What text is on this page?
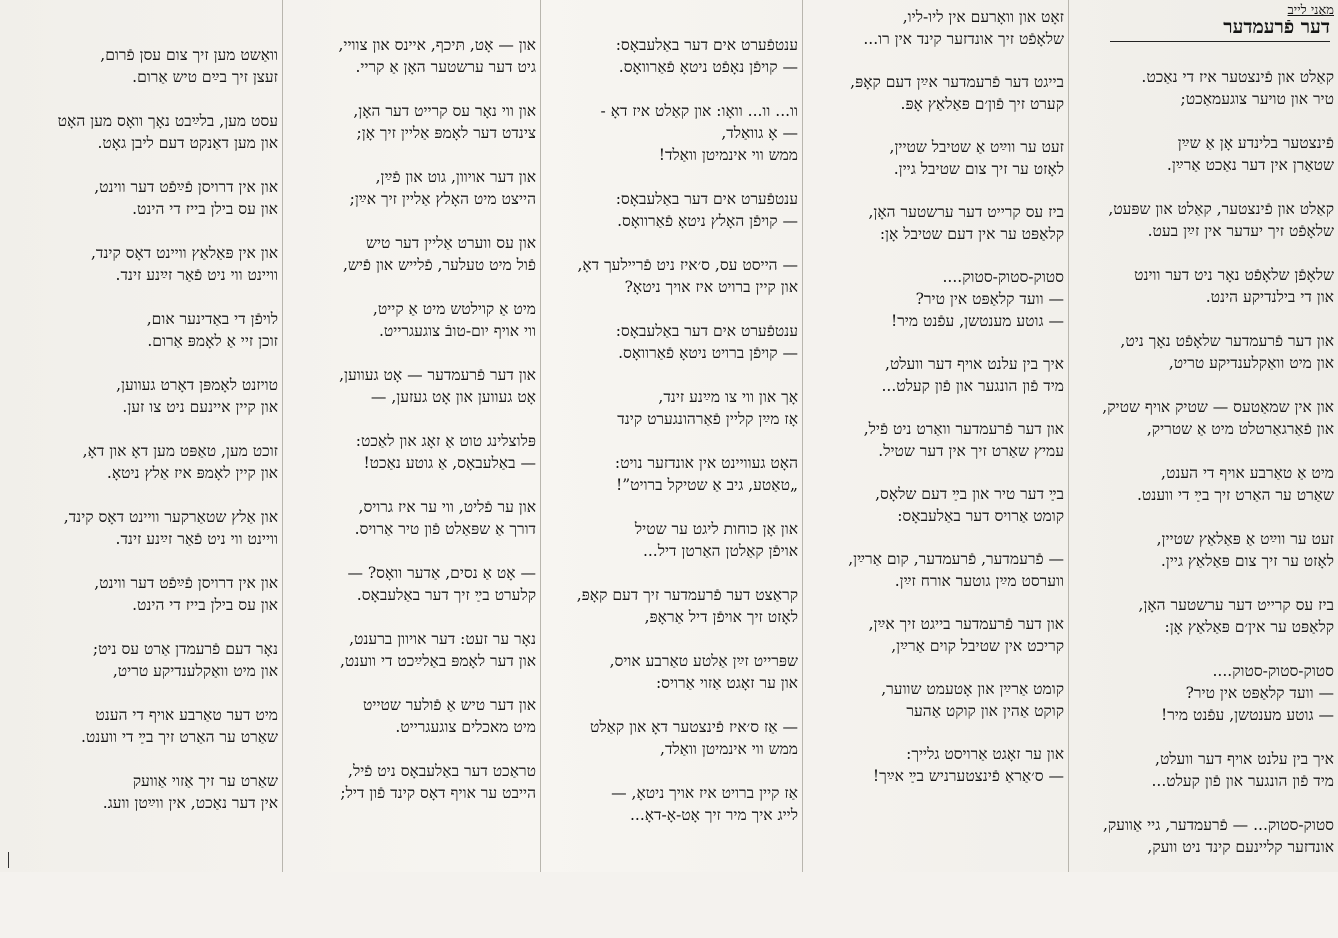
מאַני לייב
דער פֿרעמדער
קאַלט און פֿינצטער איז די נאַכט.
טיר און טויער צוגעמאַכט;
פֿינצטער בלינדע אָן אַ שײַן
שטאַרן אין דער נאַכט אַרײַן.
קאַלט און פֿינצטער, קאַלט און שפּעט,
שלאָפֿט זיך יעדער אין זײַן בעט.
שלאָפֿן שלאָפֿט נאָר ניט דער ווינט
און די בילנדיקע הינט.
און דער פֿרעמדער שלאָפֿט נאָך ניט,
און מיט וואַקלענדיקע טריט,
און אין שמאַטעס — שטיק אויף שטיק,
און פֿאַרגאַרטלט מיט אַ שטריק,
מיט אַ טאַרבע אויף די הענט,
שאַרט ער האַרט זיך בײַ די ווענט.
זעט ער ווײַט אַ פּאַלאַץ שטיין,
לאָזט ער זיך צום פּאַלאַץ גיין.
ביז עס קרייט דער ערשטער האָן,
קלאַפּט ער אין׳ם פּאַלאַץ אָן:
סטוק-סטוק-סטוק....
— וועד קלאַפּט אין טיר?
— גוטע מענטשן, עפֿנט מיר!
איך בין עלנט אויף דער וועלט,
מיד פֿון הונגער און פֿון קעלט...
סטוק-סטוק... — פֿרעמדער, גיי אַוועק,
אונדזער קליינעם קינד ניט וועק,
זאָט און וואָרעם אין ליו-ליו,
שלאָפֿט זיך אונדזער קינד אין רו...
בייגט דער פֿרעמדער אײַן דעם קאָפּ,
קערט זיך פֿון׳ם פּאַלאַץ אָפּ.
זעט ער ווײַט אַ שטיבל שטיין,
לאָזט ער זיך צום שטיבל גיין.
ביז עס קרייט דער ערשטער האָן,
קלאַפּט ער אין דעם שטיבל אָן:
סטוק-סטוק-סטוק....
— וועד קלאַפּט אין טיר?
— גוטע מענטשן, עפֿנט מיר!
איך בין עלנט אויף דער וועלט,
מיד פֿון הונגער און פֿון קעלט...
און דער פֿרעמדער וואַרט ניט פֿיל,
עמיץ שאַרט זיך אין דער שטיל.
בײַ דער טיר און בײַ דעם שלאָס,
קומט אַרויס דער באַלעבאָס:
— פֿרעמדער, פֿרעמדער, קום אַרײַן,
ווערסט מײַן גוטער אורח זײַן.
און דער פֿרעמדער בייגט זיך אײַן,
קריכט אין שטיבל קוים אַרײַן,
קומט אַרײַן און אָטעמט שווער,
קוקט אַהין און קוקט אַהער
און ער זאָגט אַרויסט גלייך:
— ס׳אַראַ פֿינצטערניש בײַ אײַך!
ענטפֿערט אים דער באַלעבאָס:
— קויפֿן נאָפֿט ניטאָ פֿאַרוואָס.
וו... וו... וואָו: און קאַלט איז דאָ -
— אָ גוואַלד,
ממש ווי אינמיטן וואַלד!
ענטפֿערט אים דער באַלעבאָס:
— קויפֿן האָלץ ניטאָ פֿאַרוואָס.
— הייסט עס, ס׳איז ניט פֿריילעך דאָ,
און קיין ברויט איז אויך ניטאָ?
ענטפֿערט אים דער באַלעבאָס:
— קויפֿן ברויט ניטאָ פֿאַרוואָס.
אָך און ווי צו מײַנע זינד,
אָז מײַן קליין פֿאַרהונגערט קינד
האָט געוויינט אין אונדזער נויט:
„טאַטע, גיב אַ שטיקל ברויט”!
און אָן כוחות ליגט ער שטיל
אויפֿן קאַלטן האַרטן דיל...
קראַצט דער פֿרעמדער זיך דעם קאָפּ,
לאָזט זיך אויפֿן דיל אַראָפּ,
שפּרייט זײַן אַלטע טאַרבע אויס,
און ער זאָגט אַזוי אַרויס:
— אַז ס׳איז פֿינצטער דאָ און קאַלט
ממש ווי אינמיטן וואַלד,
אַז קיין ברויט איז אויך ניטאָ, —
לייג איך מיר זיך אָט-אָ-דאָ...
און — אָט, תּיכף, איינס און צוויי,
גיט דער ערשטער האָן אַ קריי.
און ווי נאָר עס קרייט דער האָן,
צינדט דער לאָמפּ אַליין זיך אָן;
און דער אויוון, גוט און פֿײַן,
הייצט מיט האָלץ אַליין זיך אײַן;
און עס ווערט אַליין דער טיש
פֿול מיט טעלער, פֿלייש און פֿיש,
מיט אַ קוילטש מיט אַ קייט,
ווי אויף יום-טובֿ צוגעגרייט.
און דער פֿרעמדער — אָט געווען,
אָט געווען און אָט געזען, —
פּלוצלינג טוט אַ זאָג און לאַכט:
— באַלעבאָס, אַ גוטע נאַכט!
און ער פֿליט, ווי ער איז גרויס,
דורך אַ שפּאַלט פֿון טיר אַרויס.
— אָט אַ נסים, אַדער וואָס? —
קלערט בײַ זיך דער באַלעבאָס.
נאָר ער זעט: דער אויוון ברענט,
און דער לאָמפּ באַלײַכט די ווענט,
און דער טיש אַ פֿולער שטייט
מיט מאכלים צוגעגרייט.
טראַכט דער באַלעבאָס ניט פֿיל,
הייבט ער אויף דאָס קינד פֿון דיל;
וואַשט מען זיך צום עסן פֿרום,
זעצן זיך בײַם טיש אַרום.
עסט מען, בלײַבט נאָך וואָס מען האָט
און מען דאַנקט דעם ליבן גאָט.
און אין דרויסן פֿײַפֿט דער ווינט,
און עס בילן בייז די הינט.
און אין פּאַלאַץ וויינט דאָס קינד,
וויינט ווי ניט פֿאַר זײַנע זינד.
לויפֿן די באַדינער אום,
זוכן זיי אַ לאָמפּ אַרום.
טויזנט לאָמפּן דאָרט געווען,
און קיין איינעם ניט צו זען.
זוכט מען, טאַפּט מען דאָ און דאָ,
און קיין לאָמפּ איז אַלץ ניטאָ.
און אַלץ שטאַרקער וויינט דאָס קינד,
וויינט ווי ניט פֿאַר זײַנע זינד.
און אין דרויסן פֿײַפֿט דער ווינט,
און עס בילן בייז די הינט.
נאָר דעם פֿרעמדן אַרט עס ניט;
און מיט וואַקלענדיקע טריט,
מיט דער טאַרבע אויף די הענט
שאַרט ער האַרט זיך בײַ די ווענט.
שאַרט ער זיך אַזוי אַוועק
אין דער נאַכט, אין ווײַטן וועג.
